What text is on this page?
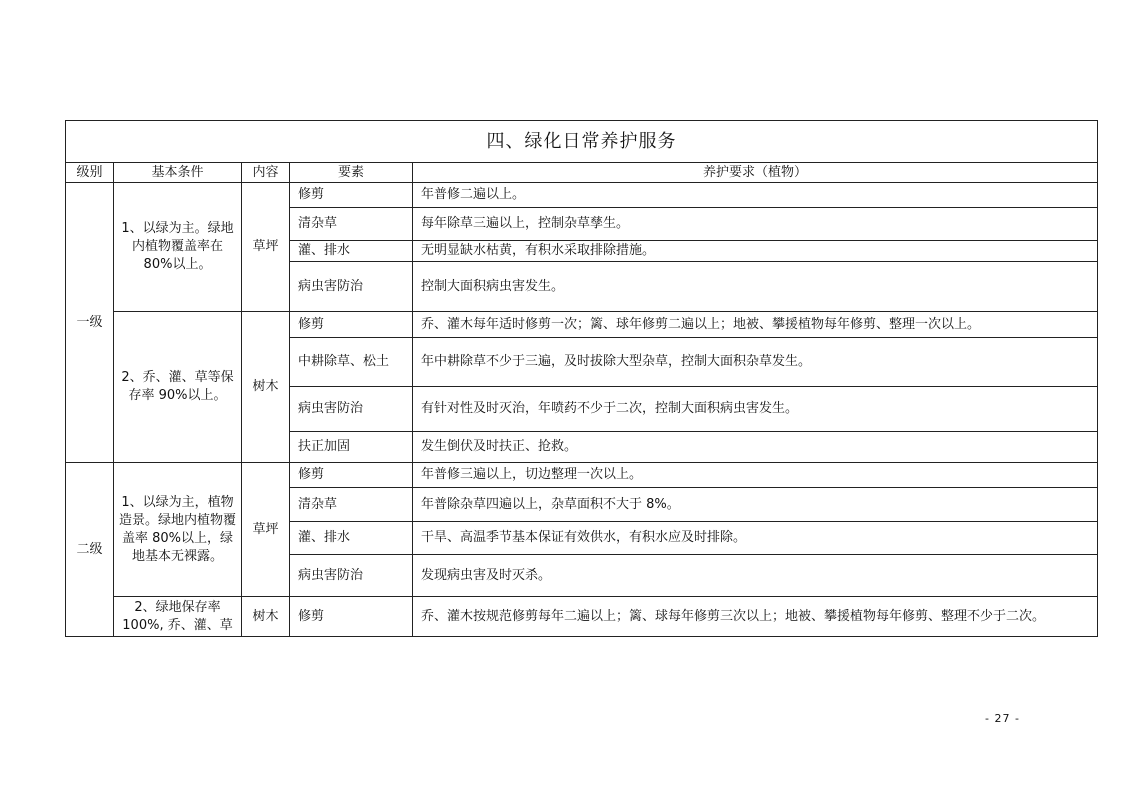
四、绿化日常养护服务				
级别	基本条件	内容	要素	养护要求（植物）
一级	1、以绿为主。绿地内植物覆盖率在 80%以上。	草坪	修剪	年普修二遍以上。
			清杂草	每年除草三遍以上，控制杂草孳生。
			灌、排水	无明显缺水枯黄，有积水采取排除措施。
			病虫害防治	控制大面积病虫害发生。
	2、乔、灌、草等保存率 90%以上。	树木	修剪	乔、灌木每年适时修剪一次；篱、球年修剪二遍以上；地被、攀援植物每年修剪、整理一次以上。
			中耕除草、松土	年中耕除草不少于三遍，及时拔除大型杂草，控制大面积杂草发生。
			病虫害防治	有针对性及时灭治，年喷药不少于二次，控制大面积病虫害发生。
			扶正加固	发生倒伏及时扶正、抢救。
二级	1、以绿为主，植物造景。绿地内植物覆盖率 80%以上，绿地基本无裸露。	草坪	修剪	年普修三遍以上，切边整理一次以上。
			清杂草	年普除杂草四遍以上，杂草面积不大于 8%。
			灌、排水	干旱、高温季节基本保证有效供水，有积水应及时排除。
			病虫害防治	发现病虫害及时灭杀。
	2、绿地保存率 100%, 乔、灌、草	树木	修剪	乔、灌木按规范修剪每年二遍以上；篱、球每年修剪三次以上；地被、攀援植物每年修剪、整理不少于二次。
- 27 -
